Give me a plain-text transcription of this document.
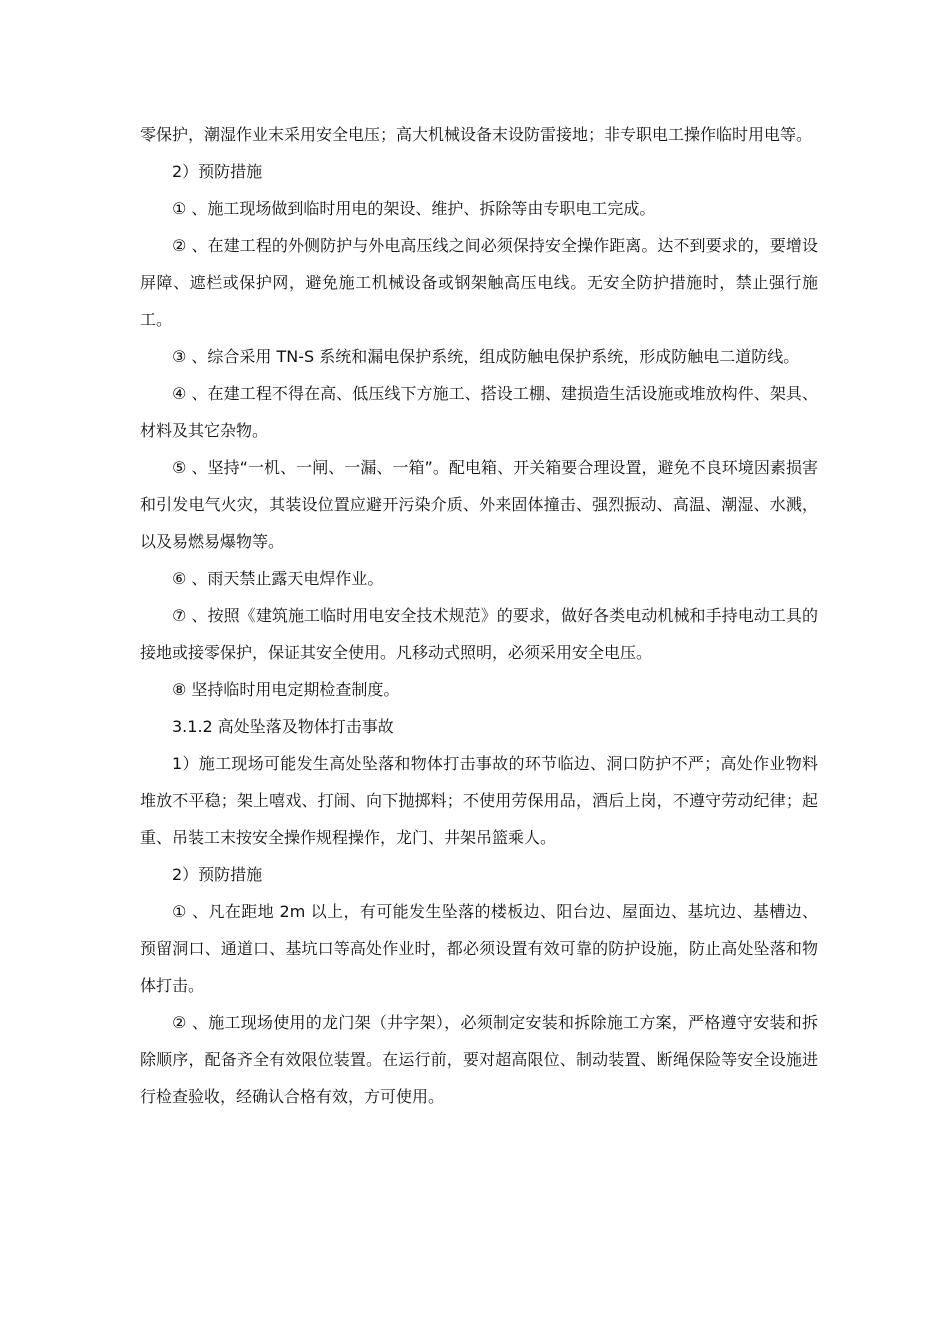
零保护，潮湿作业末采用安全电压；高大机械设备末设防雷接地；非专职电工操作临时用电等。

2）预防措施

① 、施工现场做到临时用电的架设、维护、拆除等由专职电工完成。

② 、在建工程的外侧防护与外电高压线之间必须保持安全操作距离。达不到要求的，要增设屏障、遮栏或保护网，避免施工机械设备或钢架触高压电线。无安全防护措施时，禁止强行施工。

③ 、综合采用 TN-S 系统和漏电保护系统，组成防触电保护系统，形成防触电二道防线。

④ 、在建工程不得在高、低压线下方施工、搭设工棚、建损造生活设施或堆放构件、架具、材料及其它杂物。

⑤ 、坚持“一机、一闸、一漏、一箱”。配电箱、开关箱要合理设置，避免不良环境因素损害和引发电气火灾，其装设位置应避开污染介质、外来固体撞击、强烈振动、高温、潮湿、水溅，以及易燃易爆物等。

⑥ 、雨天禁止露天电焊作业。

⑦ 、按照《建筑施工临时用电安全技术规范》的要求，做好各类电动机械和手持电动工具的接地或接零保护，保证其安全使用。凡移动式照明，必须采用安全电压。

⑧ 坚持临时用电定期检查制度。

3.1.2 高处坠落及物体打击事故

1）施工现场可能发生高处坠落和物体打击事故的环节临边、洞口防护不严；高处作业物料堆放不平稳；架上嘻戏、打闹、向下抛掷料；不使用劳保用品，酒后上岗，不遵守劳动纪律；起重、吊装工末按安全操作规程操作，龙门、井架吊篮乘人。

2）预防措施

① 、凡在距地 2m 以上，有可能发生坠落的楼板边、阳台边、屋面边、基坑边、基槽边、预留洞口、通道口、基坑口等高处作业时，都必须设置有效可靠的防护设施，防止高处坠落和物体打击。

② 、施工现场使用的龙门架（井字架），必须制定安装和拆除施工方案，严格遵守安装和拆除顺序，配备齐全有效限位装置。在运行前，要对超高限位、制动装置、断绳保险等安全设施进行检查验收，经确认合格有效，方可使用。
